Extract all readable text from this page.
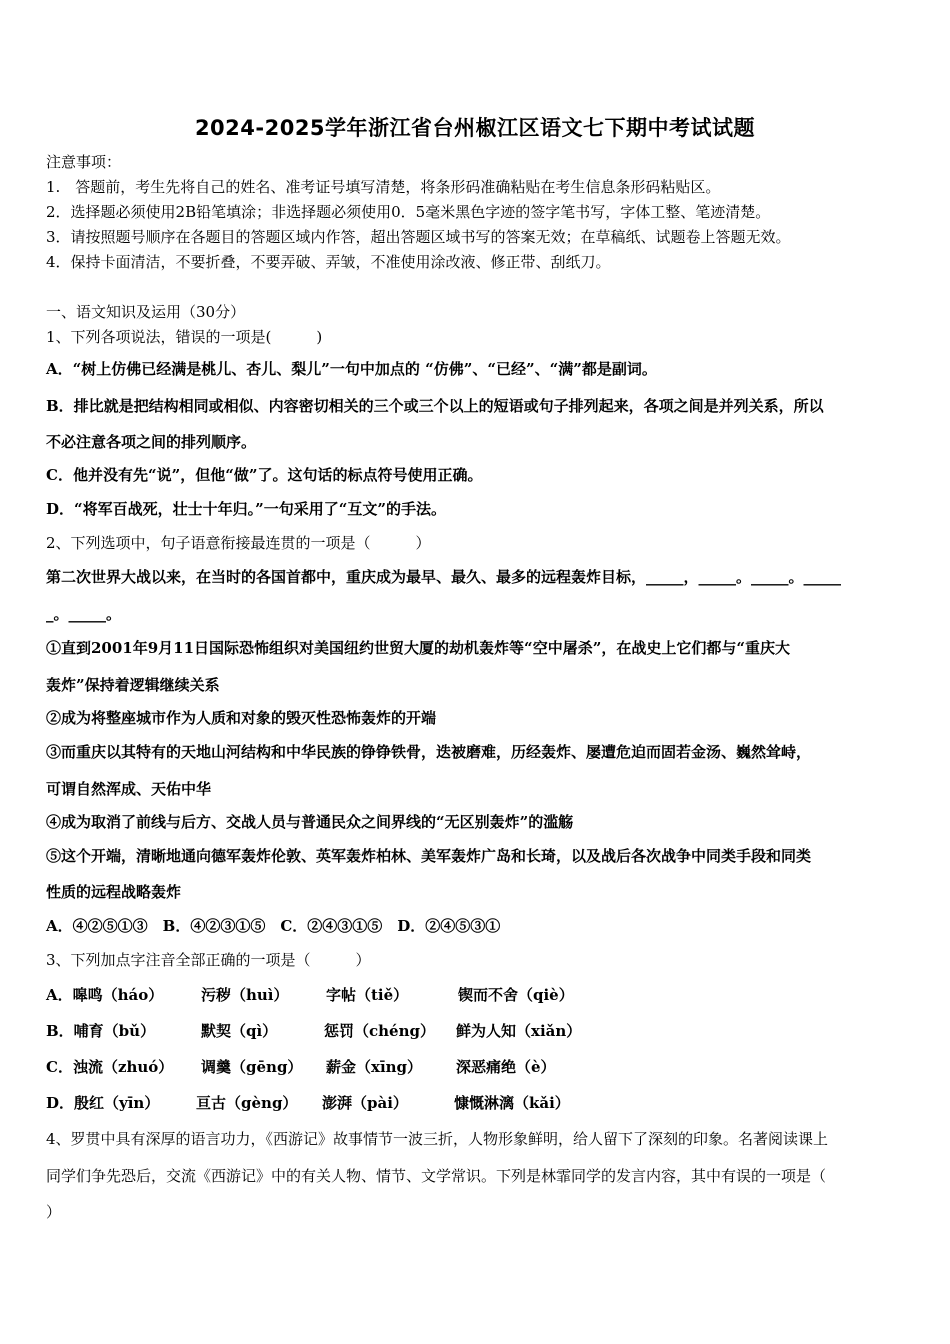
2024-2025学年浙江省台州椒江区语文七下期中考试试题
注意事项：
1.　答题前，考生先将自己的姓名、准考证号填写清楚，将条形码准确粘贴在考生信息条形码粘贴区。
2．选择题必须使用2B铅笔填涂；非选择题必须使用0．5毫米黑色字迹的签字笔书写，字体工整、笔迹清楚。
3．请按照题号顺序在各题目的答题区域内作答，超出答题区域书写的答案无效；在草稿纸、试题卷上答题无效。
4．保持卡面清洁，不要折叠，不要弄破、弄皱，不准使用涂改液、修正带、刮纸刀。
一、语文知识及运用（30分）
1、下列各项说法，错误的一项是(　　　)
A．“树上仿佛已经满是桃儿、杏儿、梨儿”一句中加点的 “仿佛”、“已经”、“满”都是副词。
B．排比就是把结构相同或相似、内容密切相关的三个或三个以上的短语或句子排列起来，各项之间是并列关系，所以
不必注意各项之间的排列顺序。
C．他并没有先“说”，但他“做”了。这句话的标点符号使用正确。
D．“将军百战死，壮士十年归。”一句采用了“互文”的手法。
2、下列选项中，句子语意衔接最连贯的一项是（　　　）
第二次世界大战以来，在当时的各国首都中，重庆成为最早、最久、最多的远程轰炸目标，_____，_____。_____。_____
_。_____。
①直到2001年9月11日国际恐怖组织对美国纽约世贸大厦的劫机轰炸等“空中屠杀”，在战史上它们都与“重庆大
轰炸”保持着逻辑继续关系
②成为将整座城市作为人质和对象的毁灭性恐怖轰炸的开端
③而重庆以其特有的天地山河结构和中华民族的铮铮铁骨，迭被磨难，历经轰炸、屡遭危迫而固若金汤、巍然耸峙，
可谓自然浑成、天佑中华
④成为取消了前线与后方、交战人员与普通民众之间界线的“无区别轰炸”的滥觞
⑤这个开端，清晰地通向德军轰炸伦敦、英军轰炸柏林、美军轰炸广岛和长琦，以及战后各次战争中同类手段和同类
性质的远程战略轰炸
A．④②⑤①③　B．④②③①⑤　C．②④③①⑤　D．②④⑤③①
3、下列加点字注音全部正确的一项是（　　　）
A．嗥鸣（háo）	污秽（huì） 字帖（tiě）	锲而不舍（qiè）
B．哺育（bǔ）	默契（qì）	惩罚（chéng） 鲜为人知（xiǎn）
C．浊流（zhuó） 调羹（gēng） 薪金（xīng） 深恶痛绝（è）
D．殷红（yīn） 亘古（gèng） 澎湃（pài）	慷慨淋漓（kǎi）
4、罗贯中具有深厚的语言功力，《西游记》故事情节一波三折，人物形象鲜明，给人留下了深刻的印象。名著阅读课上
同学们争先恐后，交流《西游记》中的有关人物、情节、文学常识。下列是林霏同学的发言内容，其中有误的一项是（
）
